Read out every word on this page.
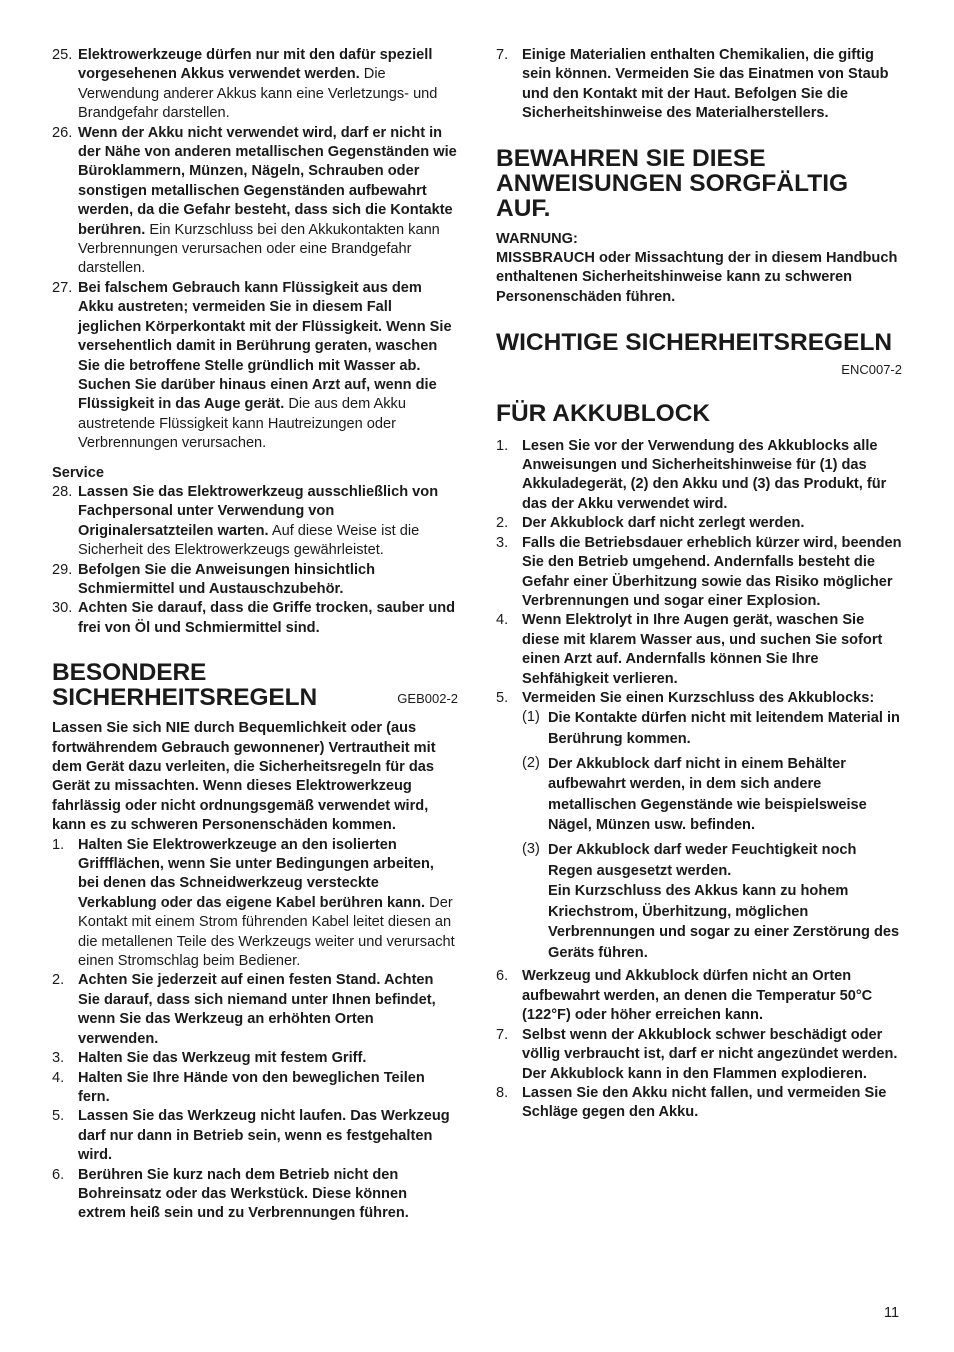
25. Elektrowerkzeuge dürfen nur mit den dafür speziell vorgesehenen Akkus verwendet werden. Die Verwendung anderer Akkus kann eine Verletzungs- und Brandgefahr darstellen.
26. Wenn der Akku nicht verwendet wird, darf er nicht in der Nähe von anderen metallischen Gegenständen wie Büroklammern, Münzen, Nägeln, Schrauben oder sonstigen metallischen Gegenständen aufbewahrt werden, da die Gefahr besteht, dass sich die Kontakte berühren. Ein Kurzschluss bei den Akkukontakten kann Verbrennungen verursachen oder eine Brandgefahr darstellen.
27. Bei falschem Gebrauch kann Flüssigkeit aus dem Akku austreten; vermeiden Sie in diesem Fall jeglichen Körperkontakt mit der Flüssigkeit. Wenn Sie versehentlich damit in Berührung geraten, waschen Sie die betroffene Stelle gründlich mit Wasser ab. Suchen Sie darüber hinaus einen Arzt auf, wenn die Flüssigkeit in das Auge gerät. Die aus dem Akku austretende Flüssigkeit kann Hautreizungen oder Verbrennungen verursachen.
Service
28. Lassen Sie das Elektrowerkzeug ausschließlich von Fachpersonal unter Verwendung von Originalersatzteilen warten. Auf diese Weise ist die Sicherheit des Elektrowerkzeugs gewährleistet.
29. Befolgen Sie die Anweisungen hinsichtlich Schmiermittel und Austauschzubehör.
30. Achten Sie darauf, dass die Griffe trocken, sauber und frei von Öl und Schmiermittel sind.
BESONDERE
SICHERHEITSREGELN	GEB002-2
Lassen Sie sich NIE durch Bequemlichkeit oder (aus fortwährendem Gebrauch gewonnener) Vertrautheit mit dem Gerät dazu verleiten, die Sicherheitsregeln für das Gerät zu missachten. Wenn dieses Elektrowerkzeug fahrlässig oder nicht ordnungsgemäß verwendet wird, kann es zu schweren Personenschäden kommen.
1. Halten Sie Elektrowerkzeuge an den isolierten Griffflächen, wenn Sie unter Bedingungen arbeiten, bei denen das Schneidwerkzeug versteckte Verkablung oder das eigene Kabel berühren kann. Der Kontakt mit einem Strom führenden Kabel leitet diesen an die metallenen Teile des Werkzeugs weiter und verursacht einen Stromschlag beim Bediener.
2. Achten Sie jederzeit auf einen festen Stand. Achten Sie darauf, dass sich niemand unter Ihnen befindet, wenn Sie das Werkzeug an erhöhten Orten verwenden.
3. Halten Sie das Werkzeug mit festem Griff.
4. Halten Sie Ihre Hände von den beweglichen Teilen fern.
5. Lassen Sie das Werkzeug nicht laufen. Das Werkzeug darf nur dann in Betrieb sein, wenn es festgehalten wird.
6. Berühren Sie kurz nach dem Betrieb nicht den Bohreinsatz oder das Werkstück. Diese können extrem heiß sein und zu Verbrennungen führen.
7. Einige Materialien enthalten Chemikalien, die giftig sein können. Vermeiden Sie das Einatmen von Staub und den Kontakt mit der Haut. Befolgen Sie die Sicherheitshinweise des Materialherstellers.
BEWAHREN SIE DIESE
ANWEISUNGEN SORGFÄLTIG
AUF.
WARNUNG:
MISSBRAUCH oder Missachtung der in diesem Handbuch enthaltenen Sicherheitshinweise kann zu schweren Personenschäden führen.
WICHTIGE SICHERHEITSREGELN
ENC007-2
FÜR AKKUBLOCK
1. Lesen Sie vor der Verwendung des Akkublocks alle Anweisungen und Sicherheitshinweise für (1) das Akkuladegerät, (2) den Akku und (3) das Produkt, für das der Akku verwendet wird.
2. Der Akkublock darf nicht zerlegt werden.
3. Falls die Betriebsdauer erheblich kürzer wird, beenden Sie den Betrieb umgehend. Andernfalls besteht die Gefahr einer Überhitzung sowie das Risiko möglicher Verbrennungen und sogar einer Explosion.
4. Wenn Elektrolyt in Ihre Augen gerät, waschen Sie diese mit klarem Wasser aus, und suchen Sie sofort einen Arzt auf. Andernfalls können Sie Ihre Sehfähigkeit verlieren.
5. Vermeiden Sie einen Kurzschluss des Akkublocks:
(1) Die Kontakte dürfen nicht mit leitendem Material in Berührung kommen.
(2) Der Akkublock darf nicht in einem Behälter aufbewahrt werden, in dem sich andere metallischen Gegenstände wie beispielsweise Nägel, Münzen usw. befinden.
(3) Der Akkublock darf weder Feuchtigkeit noch Regen ausgesetzt werden.
Ein Kurzschluss des Akkus kann zu hohem Kriechstrom, Überhitzung, möglichen Verbrennungen und sogar zu einer Zerstörung des Geräts führen.
6. Werkzeug und Akkublock dürfen nicht an Orten aufbewahrt werden, an denen die Temperatur 50°C (122°F) oder höher erreichen kann.
7. Selbst wenn der Akkublock schwer beschädigt oder völlig verbraucht ist, darf er nicht angezündet werden. Der Akkublock kann in den Flammen explodieren.
8. Lassen Sie den Akku nicht fallen, und vermeiden Sie Schläge gegen den Akku.
11
